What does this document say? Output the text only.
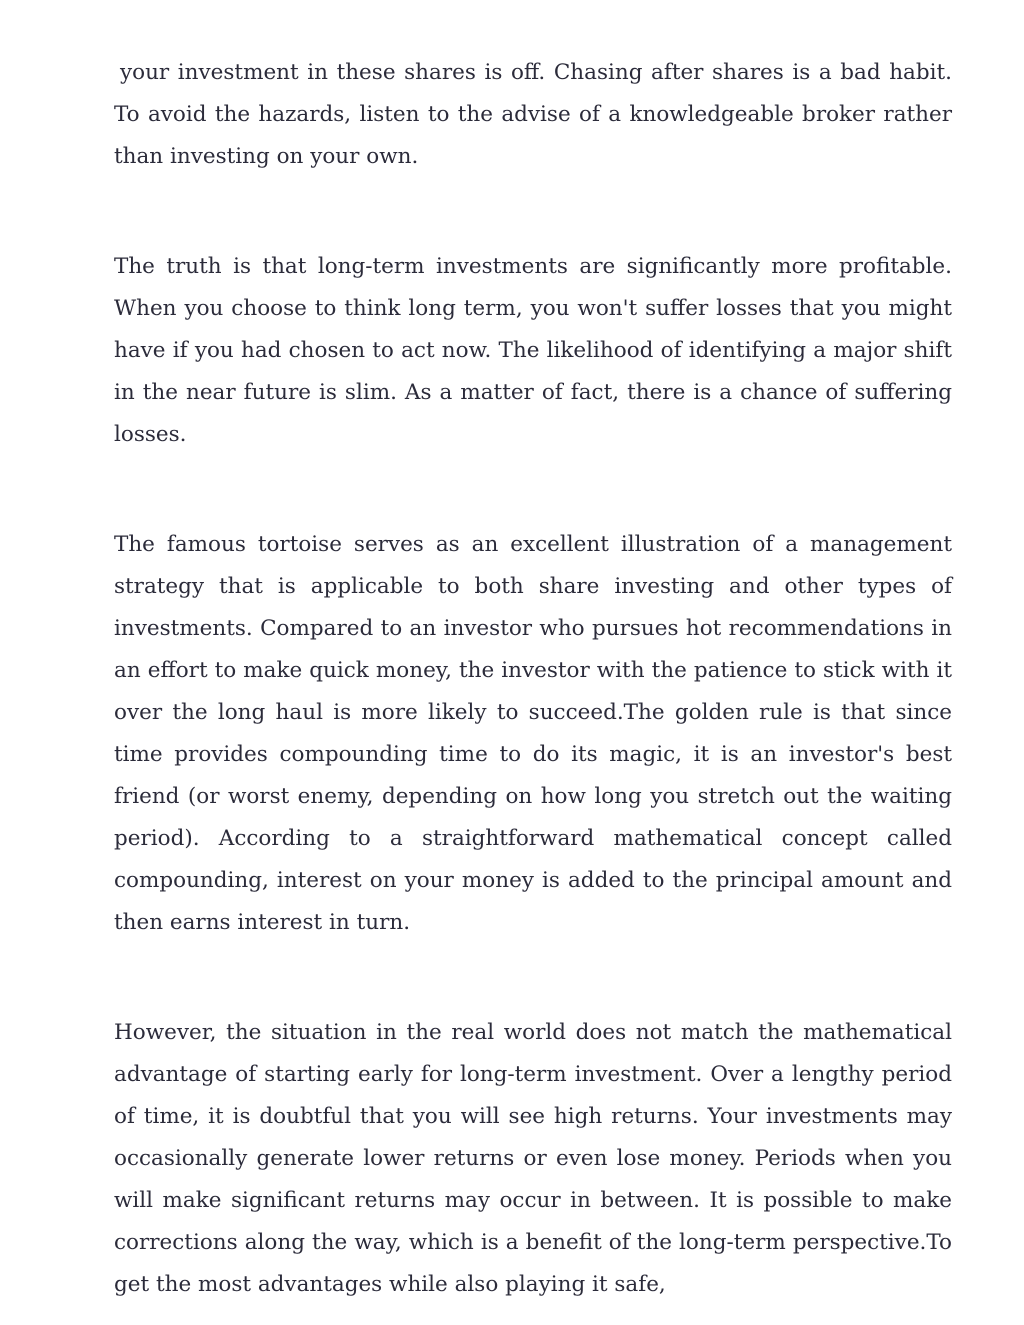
your investment in these shares is off. Chasing after shares is a bad habit. To avoid the hazards, listen to the advise of a knowledgeable broker rather than investing on your own.

The truth is that long-term investments are significantly more profitable. When you choose to think long term, you won't suffer losses that you might have if you had chosen to act now. The likelihood of identifying a major shift in the near future is slim. As a matter of fact, there is a chance of suffering losses.

The famous tortoise serves as an excellent illustration of a management strategy that is applicable to both share investing and other types of investments. Compared to an investor who pursues hot recommendations in an effort to make quick money, the investor with the patience to stick with it over the long haul is more likely to succeed.The golden rule is that since time provides compounding time to do its magic, it is an investor's best friend (or worst enemy, depending on how long you stretch out the waiting period). According to a straightforward mathematical concept called compounding, interest on your money is added to the principal amount and then earns interest in turn.

However, the situation in the real world does not match the mathematical advantage of starting early for long-term investment. Over a lengthy period of time, it is doubtful that you will see high returns. Your investments may occasionally generate lower returns or even lose money. Periods when you will make significant returns may occur in between. It is possible to make corrections along the way, which is a benefit of the long-term perspective.To get the most advantages while also playing it safe,
